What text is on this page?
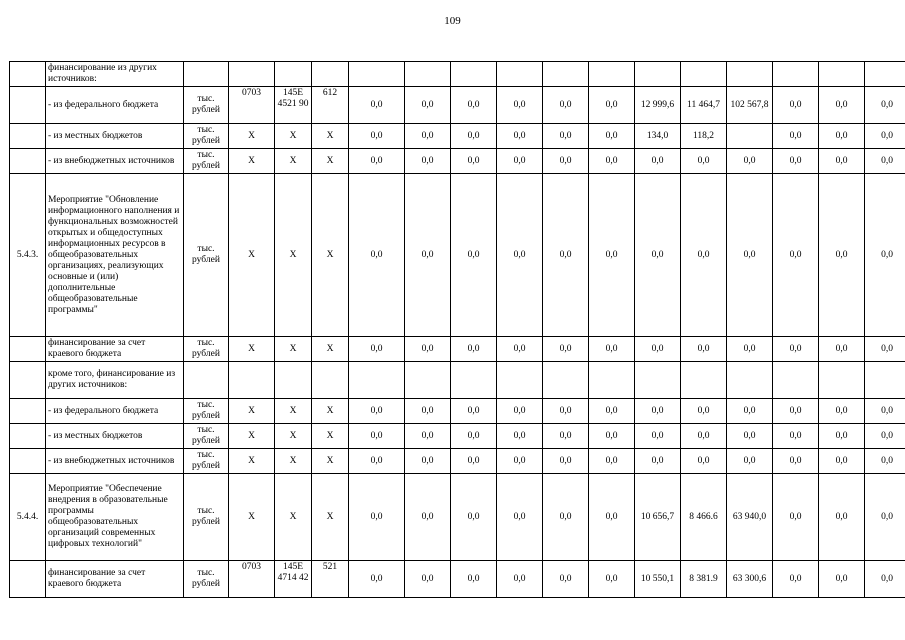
109
	финансирование из других источников:																
	- из федерального бюджета	тыс. рублей	0703	145Е 4521 90	612	0,0	0,0	0,0	0,0	0,0	0,0	12 999,6	11 464,7	102 567,8	0,0	0,0	0,0
	- из местных бюджетов	тыс. рублей	X	X	X	0,0	0,0	0,0	0,0	0,0	0,0	134,0	118,2		0,0	0,0	0,0
	- из внебюджетных источников	тыс. рублей	X	X	X	0,0	0,0	0,0	0,0	0,0	0,0	0,0	0,0	0,0	0,0	0,0	0,0
5.4.3.	Мероприятие "Обновление информационного наполнения и функциональных возможностей открытых и общедоступных информационных ресурсов в общеобразовательных организациях, реализующих основные и (или) дополнительные общеобразовательные программы"	тыс. рублей	X	X	X	0,0	0,0	0,0	0,0	0,0	0,0	0,0	0,0	0,0	0,0	0,0	0,0
	финансирование за счет краевого бюджета	тыс. рублей	X	X	X	0,0	0,0	0,0	0,0	0,0	0,0	0,0	0,0	0,0	0,0	0,0	0,0
	кроме того, финансирование из других источников:																
	- из федерального бюджета	тыс. рублей	X	X	X	0,0	0,0	0,0	0,0	0,0	0,0	0,0	0,0	0,0	0,0	0,0	0,0
	- из местных бюджетов	тыс. рублей	X	X	X	0,0	0,0	0,0	0,0	0,0	0,0	0,0	0,0	0,0	0,0	0,0	0,0
	- из внебюджетных источников	тыс. рублей	X	X	X	0,0	0,0	0,0	0,0	0,0	0,0	0,0	0,0	0,0	0,0	0,0	0,0
5.4.4.	Мероприятие "Обеспечение внедрения в образовательные программы общеобразовательных организаций современных цифровых технологий"	тыс. рублей	X	X	X	0,0	0,0	0,0	0,0	0,0	0,0	10 656,7	8 466.6	63 940,0	0,0	0,0	0,0
	финансирование за счет краевого бюджета	тыс. рублей	0703	145Е 4714 42	521	0,0	0,0	0,0	0,0	0,0	0,0	10 550,1	8 381.9	63 300,6	0,0	0,0	0,0
